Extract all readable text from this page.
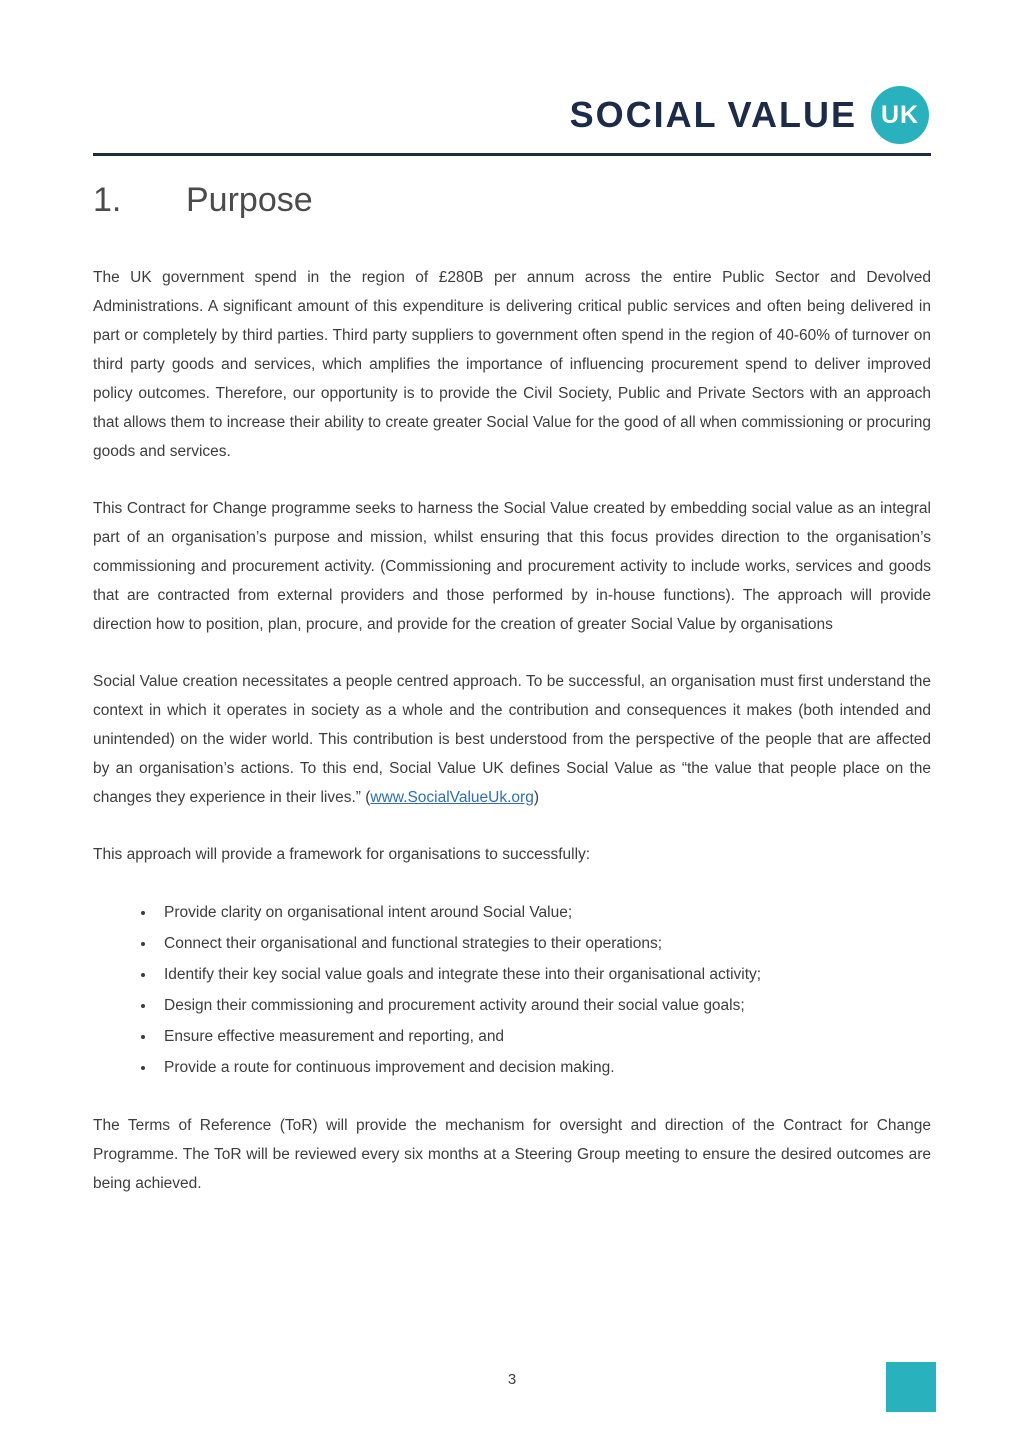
SOCIAL VALUE UK
1. Purpose

The UK government spend in the region of £280B per annum across the entire Public Sector and Devolved Administrations. A significant amount of this expenditure is delivering critical public services and often being delivered in part or completely by third parties. Third party suppliers to government often spend in the region of 40-60% of turnover on third party goods and services, which amplifies the importance of influencing procurement spend to deliver improved policy outcomes. Therefore, our opportunity is to provide the Civil Society, Public and Private Sectors with an approach that allows them to increase their ability to create greater Social Value for the good of all when commissioning or procuring goods and services.

This Contract for Change programme seeks to harness the Social Value created by embedding social value as an integral part of an organisation’s purpose and mission, whilst ensuring that this focus provides direction to the organisation’s commissioning and procurement activity. (Commissioning and procurement activity to include works, services and goods that are contracted from external providers and those performed by in-house functions). The approach will provide direction how to position, plan, procure, and provide for the creation of greater Social Value by organisations

Social Value creation necessitates a people centred approach. To be successful, an organisation must first understand the context in which it operates in society as a whole and the contribution and consequences it makes (both intended and unintended) on the wider world. This contribution is best understood from the perspective of the people that are affected by an organisation’s actions. To this end, Social Value UK defines Social Value as “the value that people place on the changes they experience in their lives.” (www.SocialValueUk.org)

This approach will provide a framework for organisations to successfully:

• Provide clarity on organisational intent around Social Value;
• Connect their organisational and functional strategies to their operations;
• Identify their key social value goals and integrate these into their organisational activity;
• Design their commissioning and procurement activity around their social value goals;
• Ensure effective measurement and reporting, and
• Provide a route for continuous improvement and decision making.

The Terms of Reference (ToR) will provide the mechanism for oversight and direction of the Contract for Change Programme. The ToR will be reviewed every six months at a Steering Group meeting to ensure the desired outcomes are being achieved.

3
